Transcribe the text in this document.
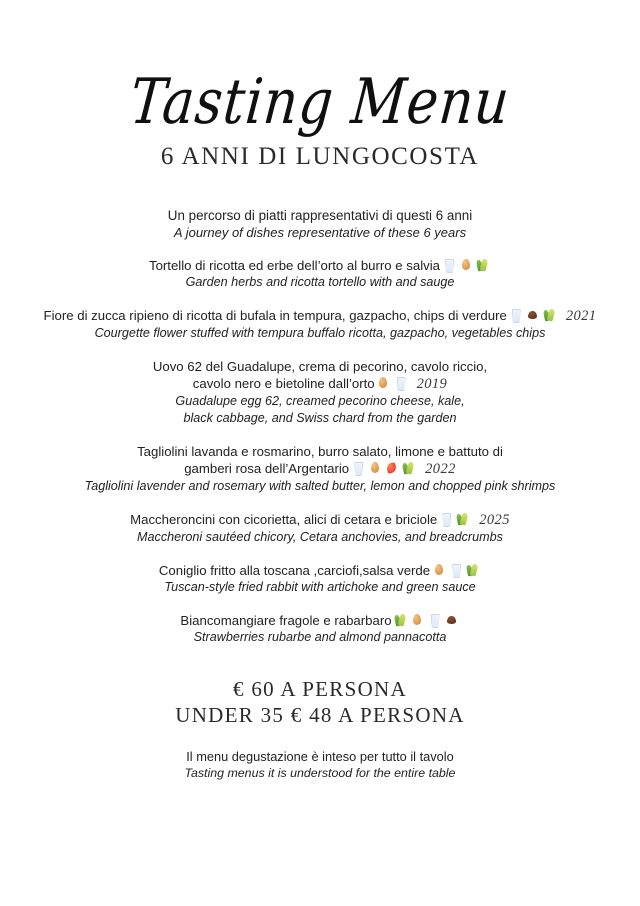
Tasting Menu
6 ANNI DI LUNGOCOSTA
Un percorso di piatti rappresentativi di questi 6 anni
A journey of dishes representative of these 6 years
Tortello di ricotta ed erbe dell’orto al burro e salvia
Garden herbs and ricotta tortello with and sauge
Fiore di zucca ripieno di ricotta di bufala in tempura, gazpacho, chips di verdure	2021
Courgette flower stuffed with tempura buffalo ricotta, gazpacho, vegetables chips
Uovo 62 del Guadalupe, crema di pecorino, cavolo riccio,
cavolo nero e bietoline dall’orto	2019
Guadalupe egg 62, creamed pecorino cheese, kale,
black cabbage, and Swiss chard from the garden
Tagliolini lavanda e rosmarino, burro salato, limone e battuto di
gamberi rosa dell’Argentario	2022
Tagliolini lavender and rosemary with salted butter, lemon and chopped pink shrimps
Maccheroncini con cicorietta, alici di cetara e briciole	2025
Maccheroni sautéed chicory, Cetara anchovies, and breadcrumbs
Coniglio fritto alla toscana ,carciofi,salsa verde
Tuscan-style fried rabbit with artichoke and green sauce
Biancomangiare fragole e rabarbaro
Strawberries rubarbe and almond pannacotta
€ 60 A PERSONA
UNDER 35 € 48 A PERSONA
Il menu degustazione è inteso per tutto il tavolo
Tasting menus it is understood for the entire table
